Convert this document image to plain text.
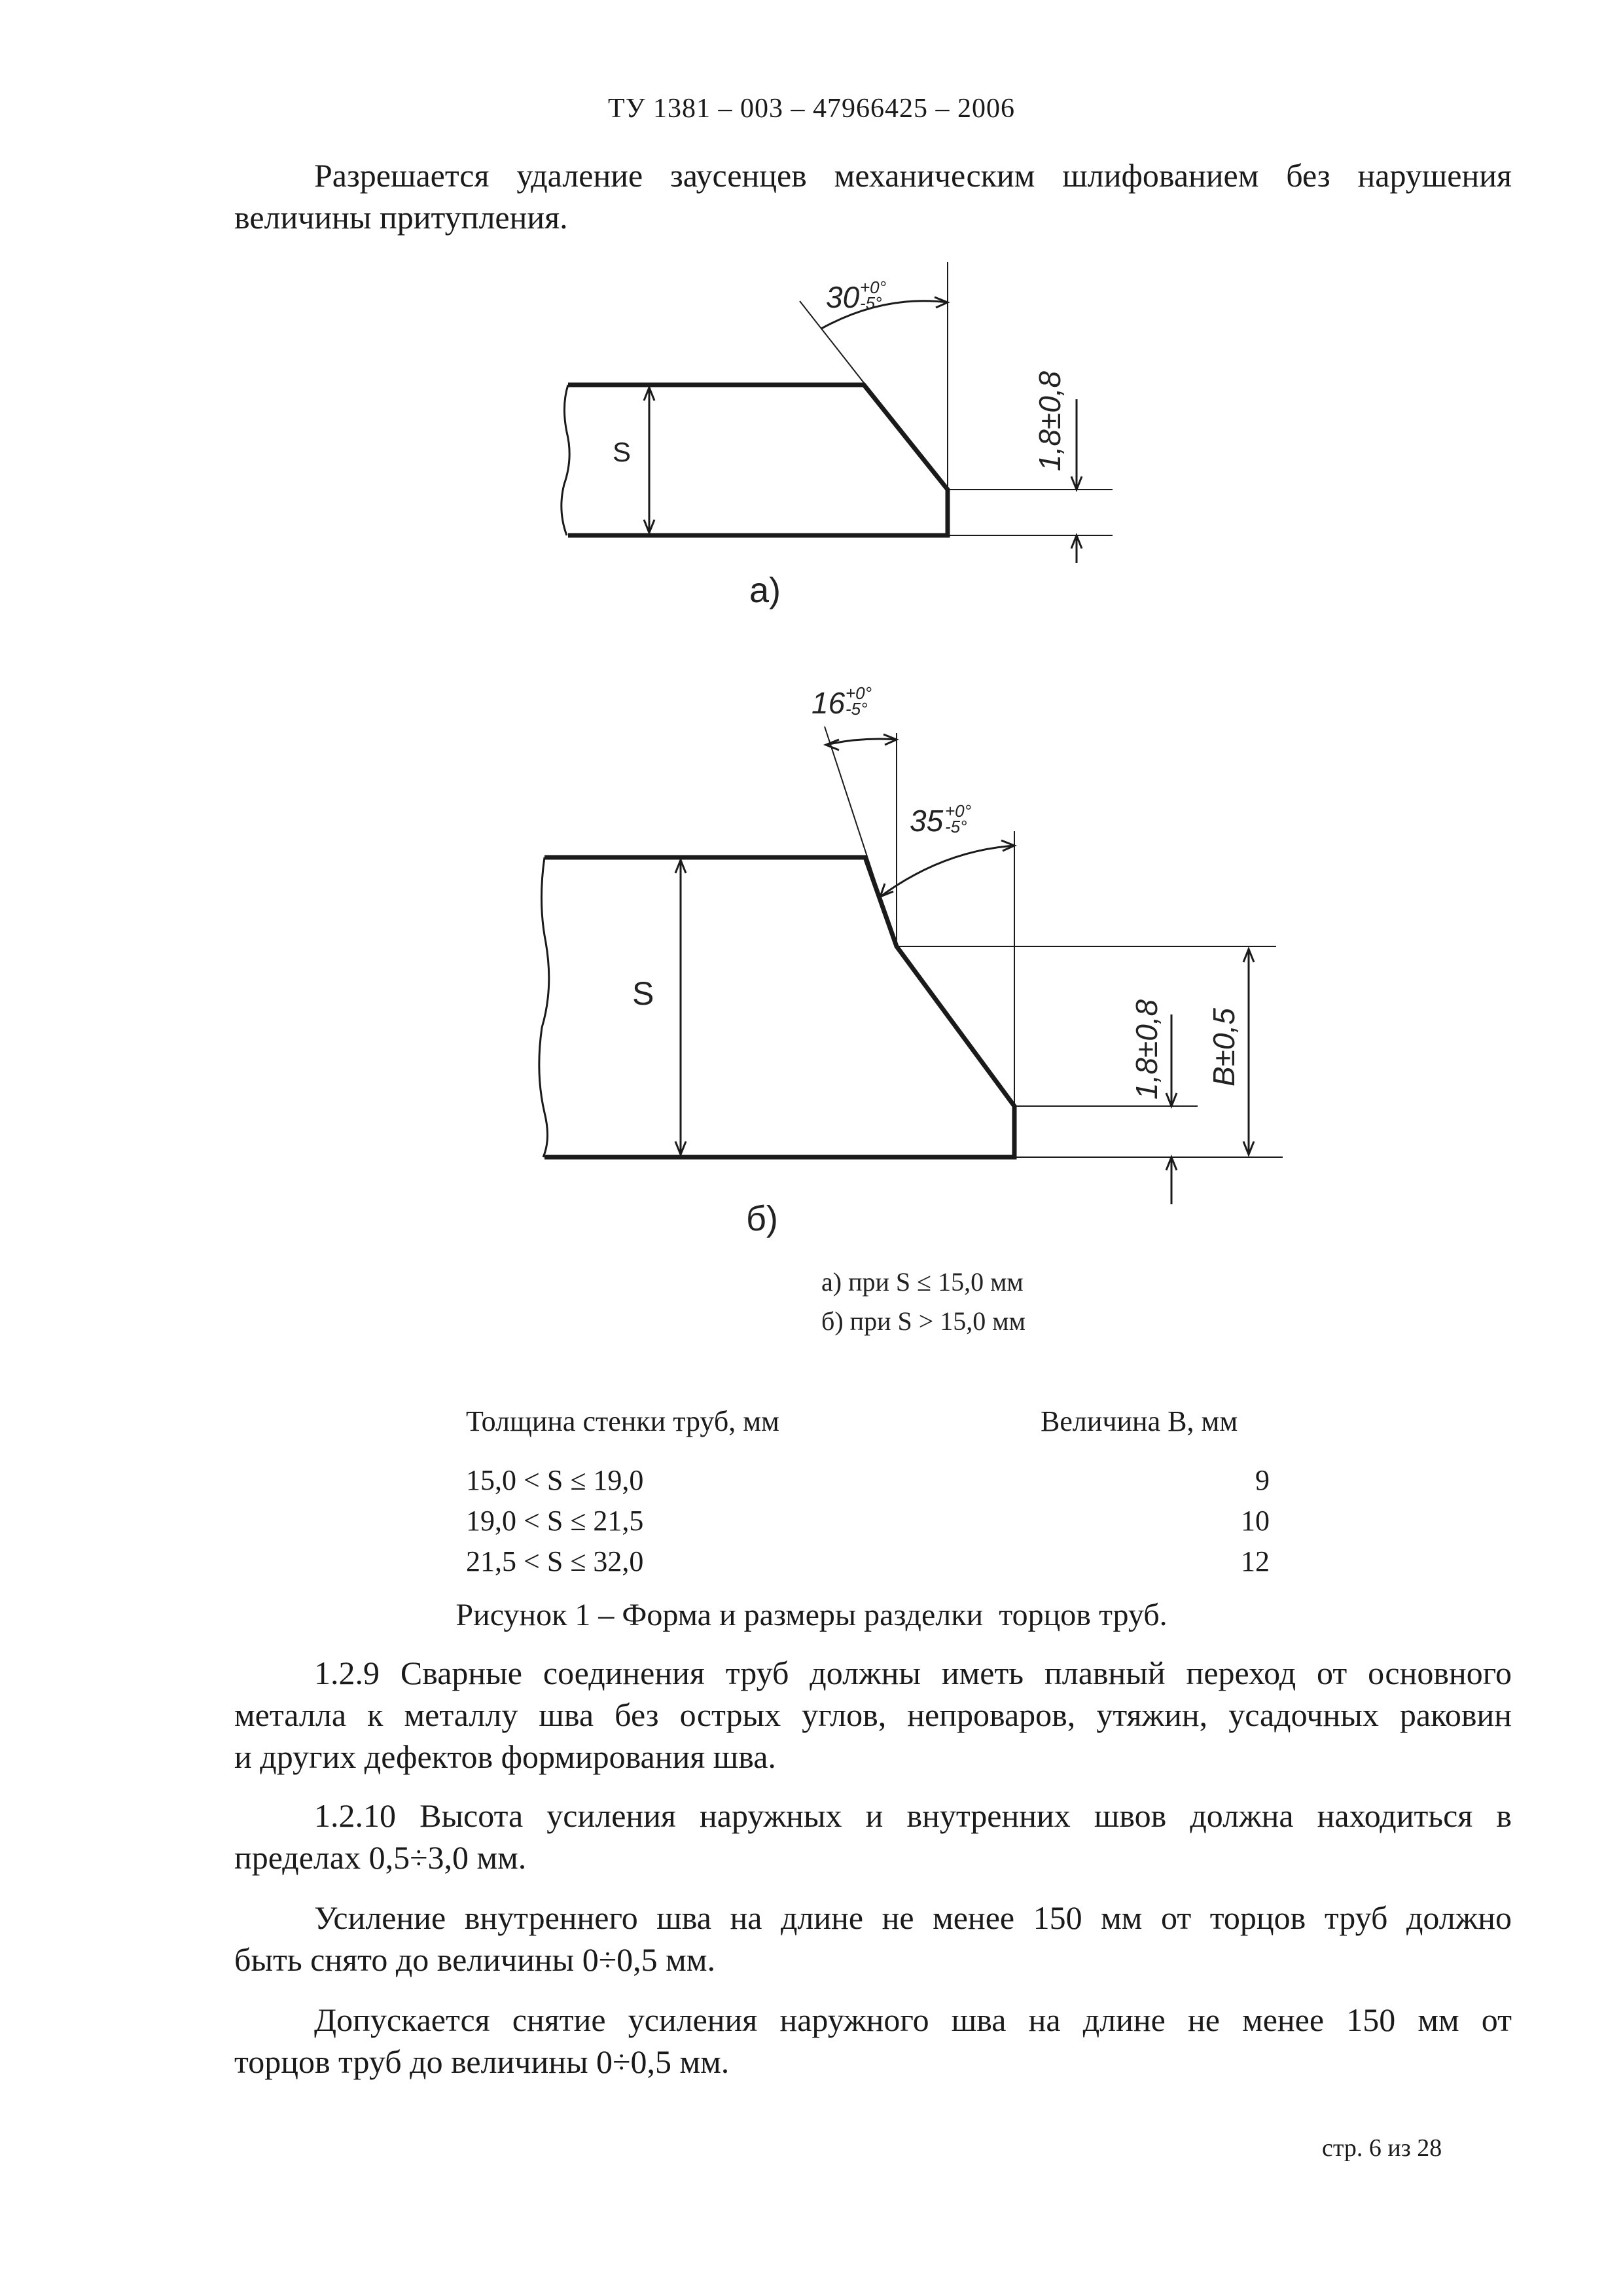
ТУ 1381 – 003 – 47966425 – 2006
Разрешается удаление заусенцев механическим шлифованием без нарушения
величины притупления.
S
30 +0°
-5°
1,8±0,8
а)
S
16 +0°
-5°
35 +0°
-5°
1,8±0,8 В±0,5
б)
а) при S ≤ 15,0 мм
б) при S > 15,0 мм
Толщина стенки труб, мм	Величина В, мм
15,0 < S ≤ 19,0	9
19,0 < S ≤ 21,5	10
21,5 < S ≤ 32,0	12
Рисунок 1 – Форма и размеры разделки  торцов труб.
1.2.9 Сварные соединения труб должны иметь плавный переход от основного
металла к металлу шва без острых углов, непроваров, утяжин, усадочных раковин
и других дефектов формирования шва.
1.2.10 Высота усиления наружных и внутренних швов должна находиться в
пределах 0,5÷3,0 мм.
Усиление внутреннего шва на длине не менее 150 мм от торцов труб должно
быть снято до величины 0÷0,5 мм.
Допускается снятие усиления наружного шва на длине не менее 150 мм от
торцов труб до величины 0÷0,5 мм.
стр. 6 из 28
